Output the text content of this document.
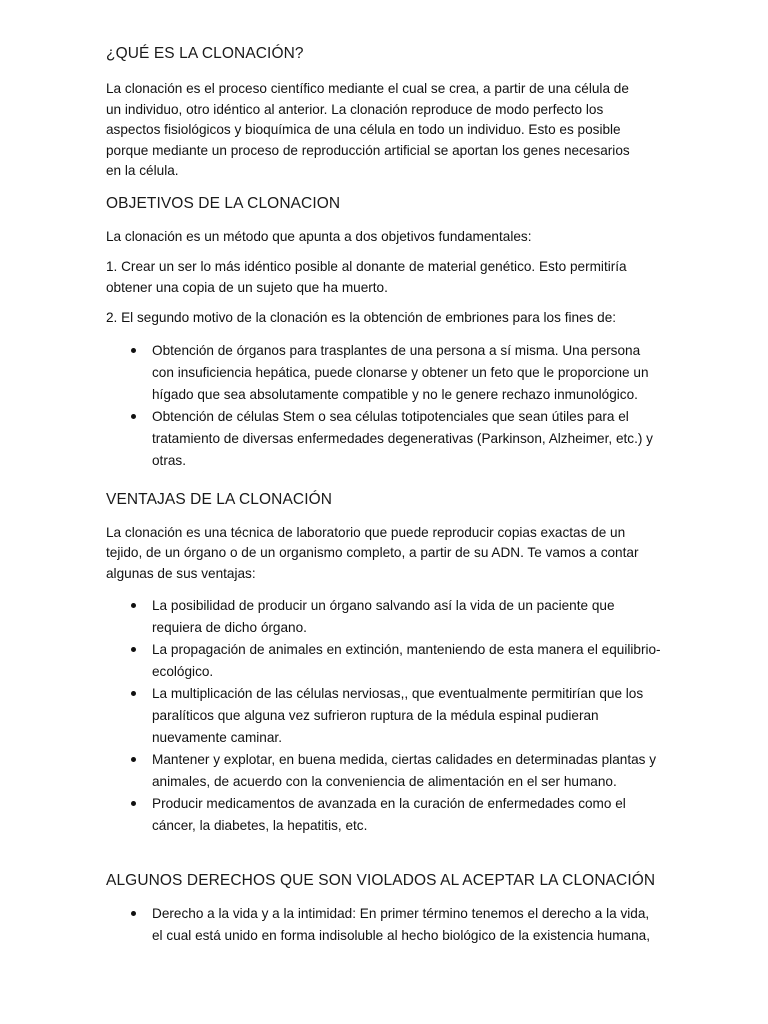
¿QUÉ ES LA CLONACIÓN?

La clonación es el proceso científico mediante el cual se crea, a partir de una célula de un individuo, otro idéntico al anterior. La clonación reproduce de modo perfecto los aspectos fisiológicos y bioquímica de una célula en todo un individuo. Esto es posible porque mediante un proceso de reproducción artificial se aportan los genes necesarios en la célula.

OBJETIVOS DE LA CLONACION

La clonación es un método que apunta a dos objetivos fundamentales:

1. Crear un ser lo más idéntico posible al donante de material genético. Esto permitiría obtener una copia de un sujeto que ha muerto.

2. El segundo motivo de la clonación es la obtención de embriones para los fines de:

Obtención de órganos para trasplantes de una persona a sí misma. Una persona con insuficiencia hepática, puede clonarse y obtener un feto que le proporcione un hígado que sea absolutamente compatible y no le genere rechazo inmunológico.
Obtención de células Stem o sea células totipotenciales que sean útiles para el tratamiento de diversas enfermedades degenerativas (Parkinson, Alzheimer, etc.) y otras.
VENTAJAS DE LA CLONACIÓN

La clonación es una técnica de laboratorio que puede reproducir copias exactas de un tejido, de un órgano o de un organismo completo, a partir de su ADN. Te vamos a contar algunas de sus ventajas:

La posibilidad de producir un órgano salvando así la vida de un paciente que requiera de dicho órgano.
La propagación de animales en extinción, manteniendo de esta manera el equilibrio-ecológico.
La multiplicación de las células nerviosas,, que eventualmente permitirían que los paralíticos que alguna vez sufrieron ruptura de la médula espinal pudieran nuevamente caminar.
Mantener y explotar, en buena medida, ciertas calidades en determinadas plantas y animales, de acuerdo con la conveniencia de alimentación en el ser humano.
Producir medicamentos de avanzada en la curación de enfermedades como el cáncer, la diabetes, la hepatitis, etc.
ALGUNOS DERECHOS QUE SON VIOLADOS AL ACEPTAR LA CLONACIÓN
Derecho a la vida y a la intimidad: En primer término tenemos el derecho a la vida, el cual está unido en forma indisoluble al hecho biológico de la existencia humana,
